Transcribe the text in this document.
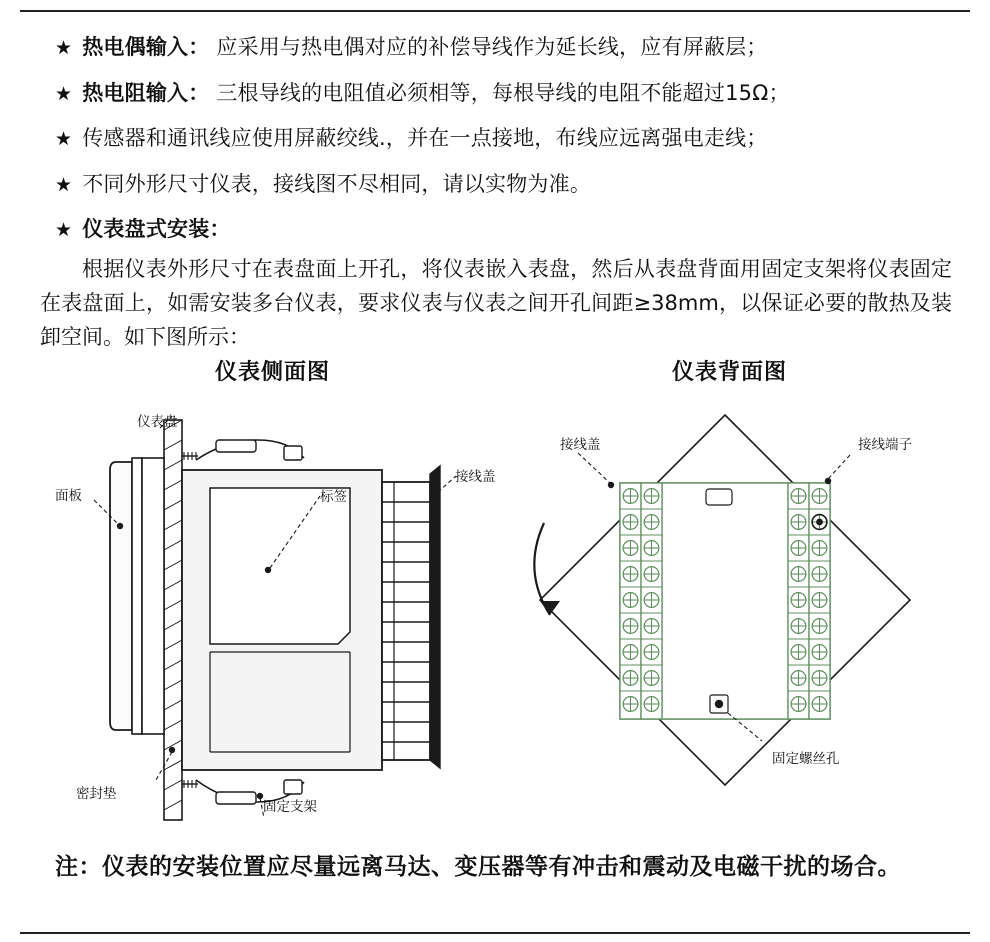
★ 热电偶输入： 应采用与热电偶对应的补偿导线作为延长线，应有屏蔽层；
★ 热电阻输入： 三根导线的电阻值必须相等，每根导线的电阻不能超过15Ω；
★ 传感器和通讯线应使用屏蔽绞线.，并在一点接地，布线应远离强电走线；
★ 不同外形尺寸仪表，接线图不尽相同，请以实物为准。
★ 仪表盘式安装：
根据仪表外形尺寸在表盘面上开孔，将仪表嵌入表盘，然后从表盘背面用固定支架将仪表固定在表盘面上，如需安装多台仪表，要求仪表与仪表之间开孔间距≥38mm，以保证必要的散热及装卸空间。如下图所示：
仪表侧面图	仪表背面图
仪表盘
面板	标签
接线盖
密封垫
固定支架
接线盖	接线端子
固定螺丝孔
注：仪表的安装位置应尽量远离马达、变压器等有冲击和震动及电磁干扰的场合。
